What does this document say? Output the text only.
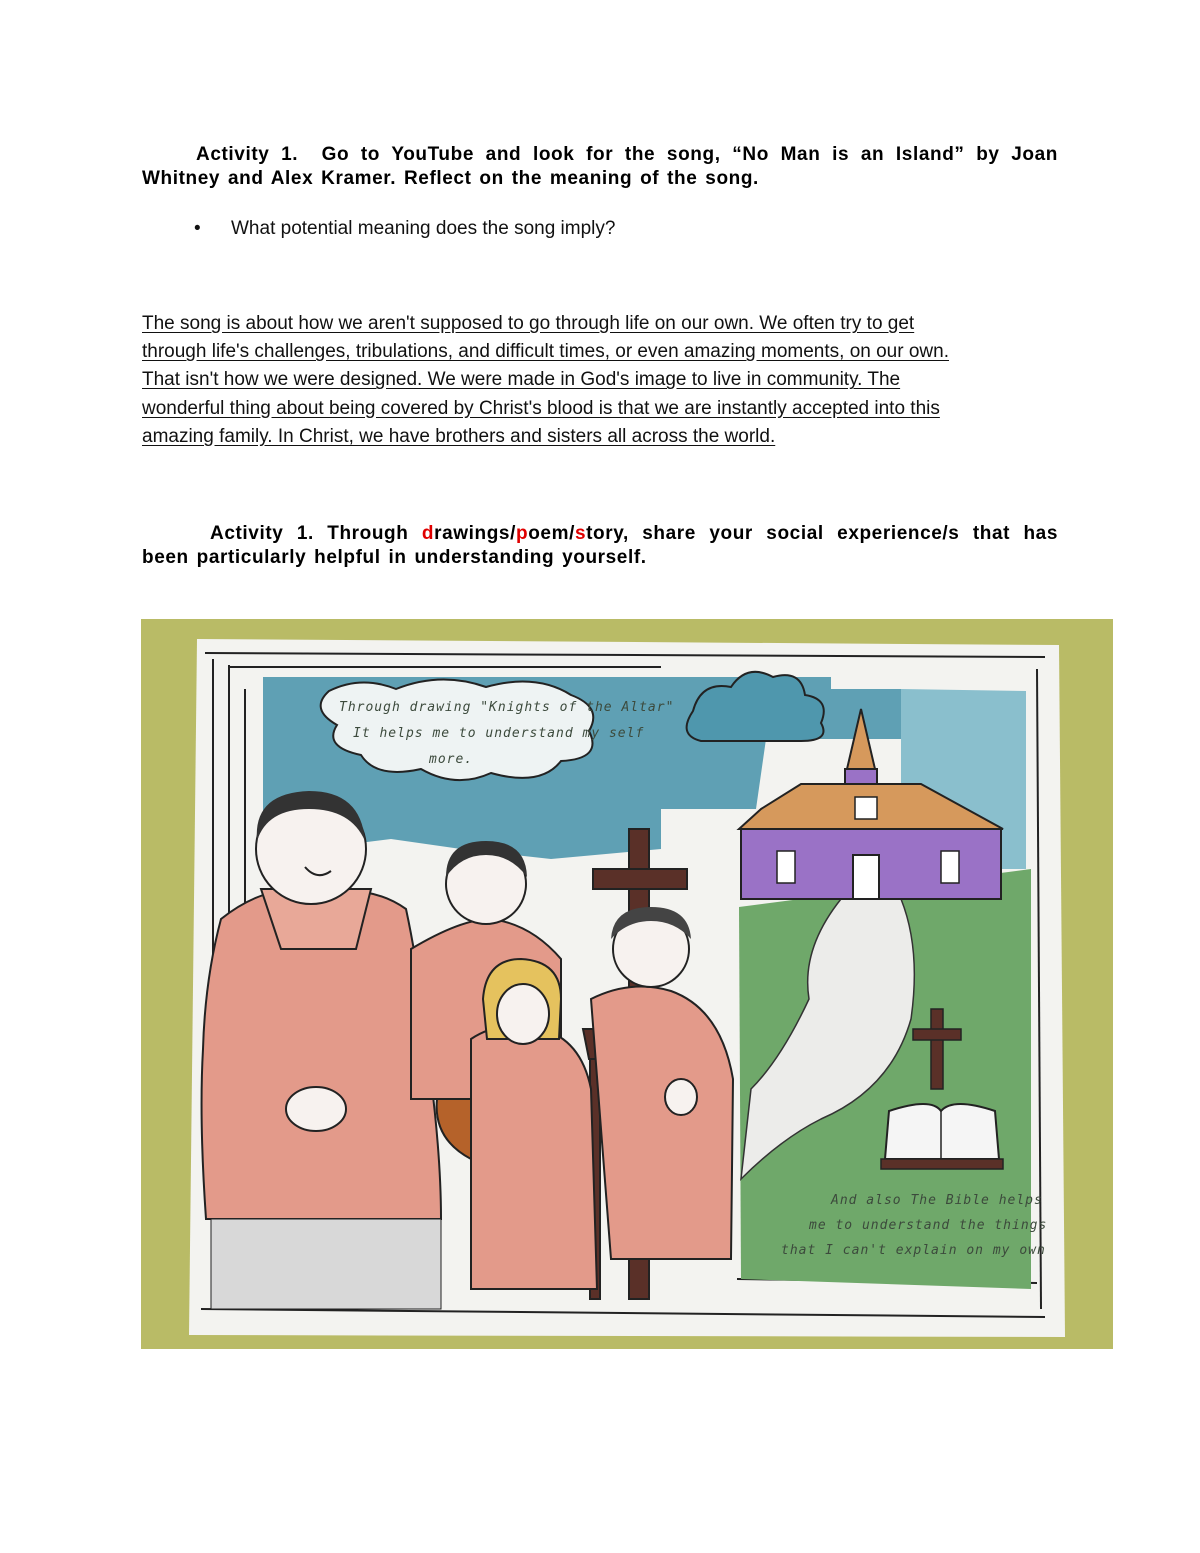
Activity 1. Go to YouTube and look for the song, “No Man is an Island” by Joan Whitney and Alex Kramer. Reflect on the meaning of the song.
• What potential meaning does the song imply?
The song is about how we aren't supposed to go through life on our own. We often try to get
through life's challenges, tribulations, and difficult times, or even amazing moments, on our own.
That isn't how we were designed. We were made in God's image to live in community. The
wonderful thing about being covered by Christ's blood is that we are instantly accepted into this
amazing family. In Christ, we have brothers and sisters all across the world.
Activity 1. Through drawings/poem/story, share your social experience/s that has been particularly helpful in understanding yourself.
Through drawing "Knights of the Altar"
It helps me to understand my self
more.
And also The Bible helps
me to understand the things
that I can't explain on my own
